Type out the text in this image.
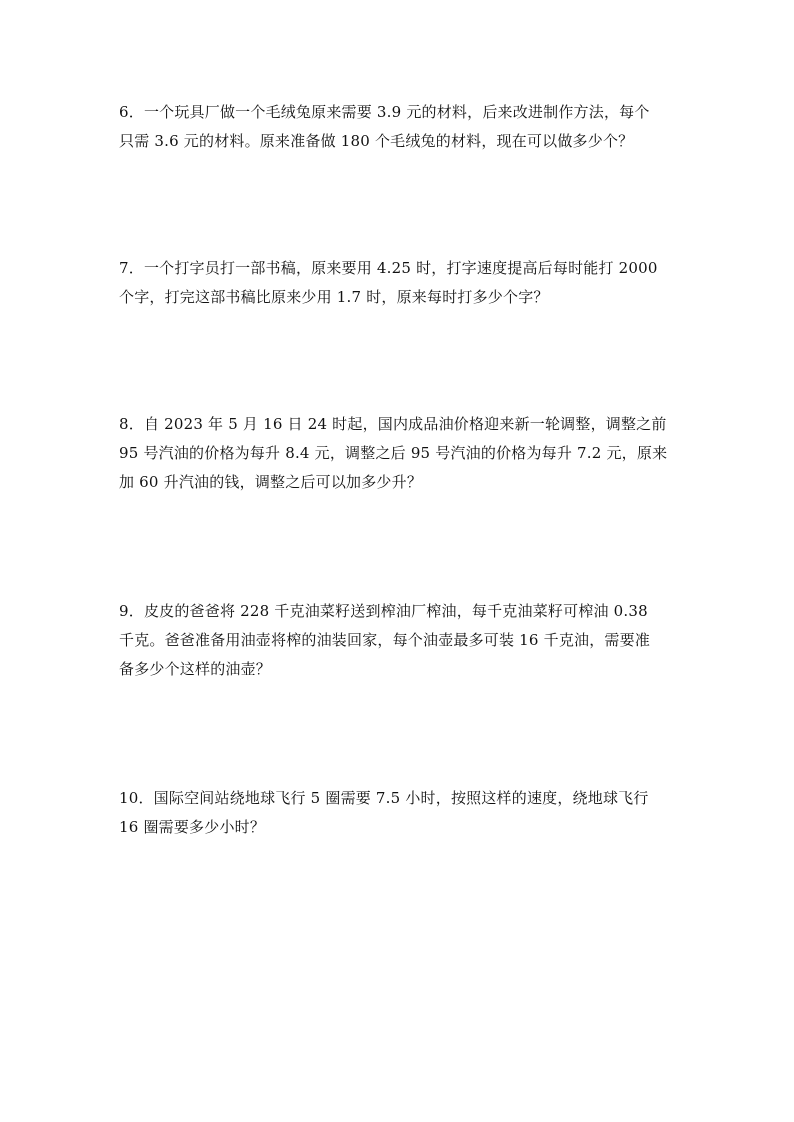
6．一个玩具厂做一个毛绒兔原来需要 3.9 元的材料，后来改进制作方法，每个
只需 3.6 元的材料。原来准备做 180 个毛绒兔的材料，现在可以做多少个？
7．一个打字员打一部书稿，原来要用 4.25 时，打字速度提高后每时能打 2000
个字，打完这部书稿比原来少用 1.7 时，原来每时打多少个字？
8．自 2023 年 5 月 16 日 24 时起，国内成品油价格迎来新一轮调整，调整之前
95 号汽油的价格为每升 8.4 元，调整之后 95 号汽油的价格为每升 7.2 元，原来
加 60 升汽油的钱，调整之后可以加多少升？
9．皮皮的爸爸将 228 千克油菜籽送到榨油厂榨油，每千克油菜籽可榨油 0.38
千克。爸爸准备用油壶将榨的油装回家，每个油壶最多可装 16 千克油，需要准
备多少个这样的油壶？
10．国际空间站绕地球飞行 5 圈需要 7.5 小时，按照这样的速度，绕地球飞行
16 圈需要多少小时？
